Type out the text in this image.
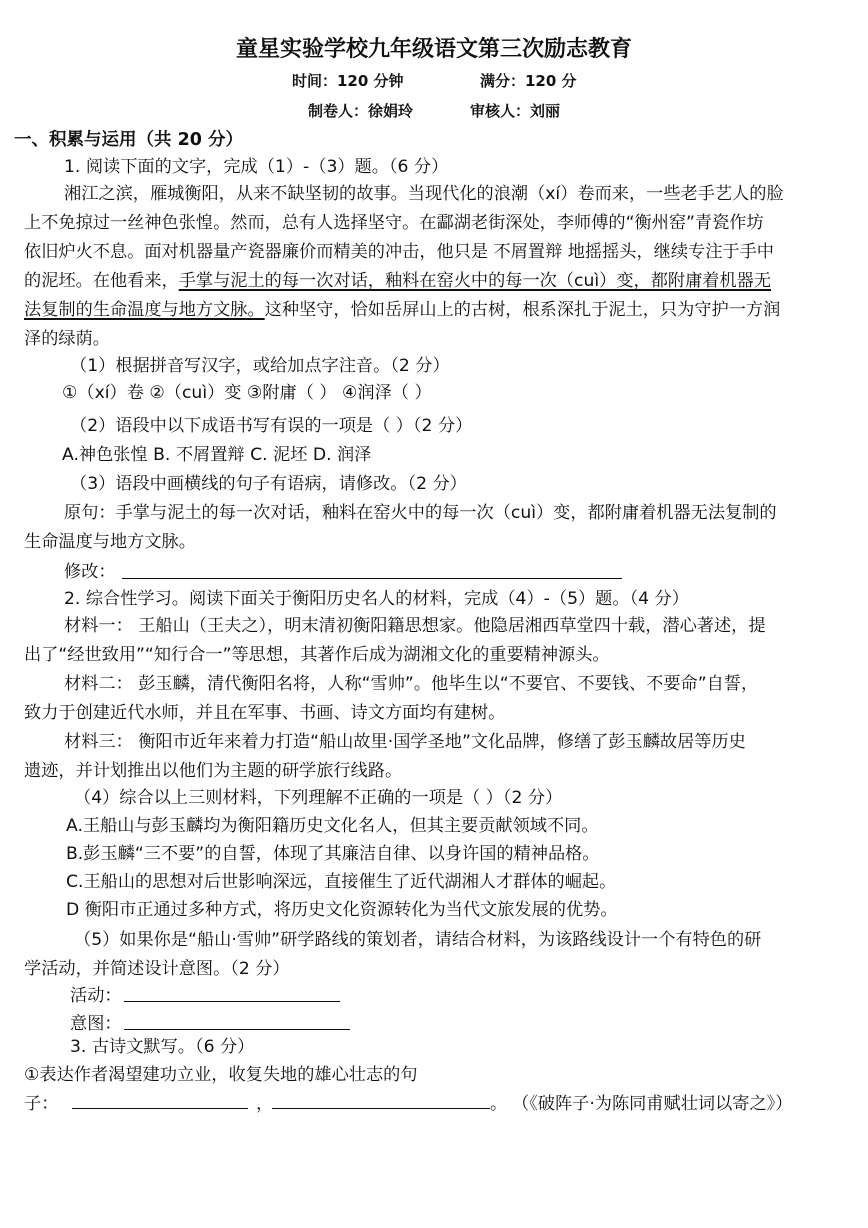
童星实验学校九年级语文第三次励志教育
时间：120 分钟	满分：120 分
制卷人：徐娟玲	审核人：刘丽
一、积累与运用（共 20 分）
1. 阅读下面的文字，完成（1）-（3）题。（6 分）
湘江之滨，雁城衡阳，从来不缺坚韧的故事。当现代化的浪潮（xí）卷而来，一些老手艺人的脸
上不免掠过一丝神色张惶。然而，总有人选择坚守。在酃湖老街深处，李师傅的“衡州窑”青瓷作坊
依旧炉火不息。面对机器量产瓷器廉价而精美的冲击，他只是 不屑置辩 地摇摇头，继续专注于手中
的泥坯。在他看来，手掌与泥土的每一次对话，釉料在窑火中的每一次（cuì）变，都附庸着机器无
法复制的生命温度与地方文脉。这种坚守，恰如岳屏山上的古树，根系深扎于泥土，只为守护一方润
泽的绿荫。
（1）根据拼音写汉字，或给加点字注音。（2 分）
①（xí）卷 ②（cuì）变 ③附庸（ ） ④润泽（ ）
（2）语段中以下成语书写有误的一项是（ ）（2 分）
A.神色张惶 B. 不屑置辩 C. 泥坯 D. 润泽
（3）语段中画横线的句子有语病，请修改。（2 分）
原句：手掌与泥土的每一次对话，釉料在窑火中的每一次（cuì）变，都附庸着机器无法复制的
生命温度与地方文脉。
修改：
2. 综合性学习。阅读下面关于衡阳历史名人的材料，完成（4）-（5）题。（4 分）
材料一： 王船山（王夫之），明末清初衡阳籍思想家。他隐居湘西草堂四十载，潜心著述，提
出了“经世致用”“知行合一”等思想，其著作后成为湖湘文化的重要精神源头。
材料二： 彭玉麟，清代衡阳名将，人称“雪帅”。他毕生以“不要官、不要钱、不要命”自誓，
致力于创建近代水师，并且在军事、书画、诗文方面均有建树。
材料三： 衡阳市近年来着力打造“船山故里·国学圣地”文化品牌，修缮了彭玉麟故居等历史
遗迹，并计划推出以他们为主题的研学旅行线路。
（4）综合以上三则材料，下列理解不正确的一项是（ ）（2 分）
A.王船山与彭玉麟均为衡阳籍历史文化名人，但其主要贡献领域不同。
B.彭玉麟“三不要”的自誓，体现了其廉洁自律、以身许国的精神品格。
C.王船山的思想对后世影响深远，直接催生了近代湖湘人才群体的崛起。
D 衡阳市正通过多种方式，将历史文化资源转化为当代文旅发展的优势。
（5）如果你是“船山·雪帅”研学路线的策划者，请结合材料，为该路线设计一个有特色的研
学活动，并简述设计意图。（2 分）
活动：
意图：
3. 古诗文默写。（6 分）
①表达作者渴望建功立业，收复失地的雄心壮志的句
子：	，	。 （《破阵子·为陈同甫赋壮词以寄之》）
